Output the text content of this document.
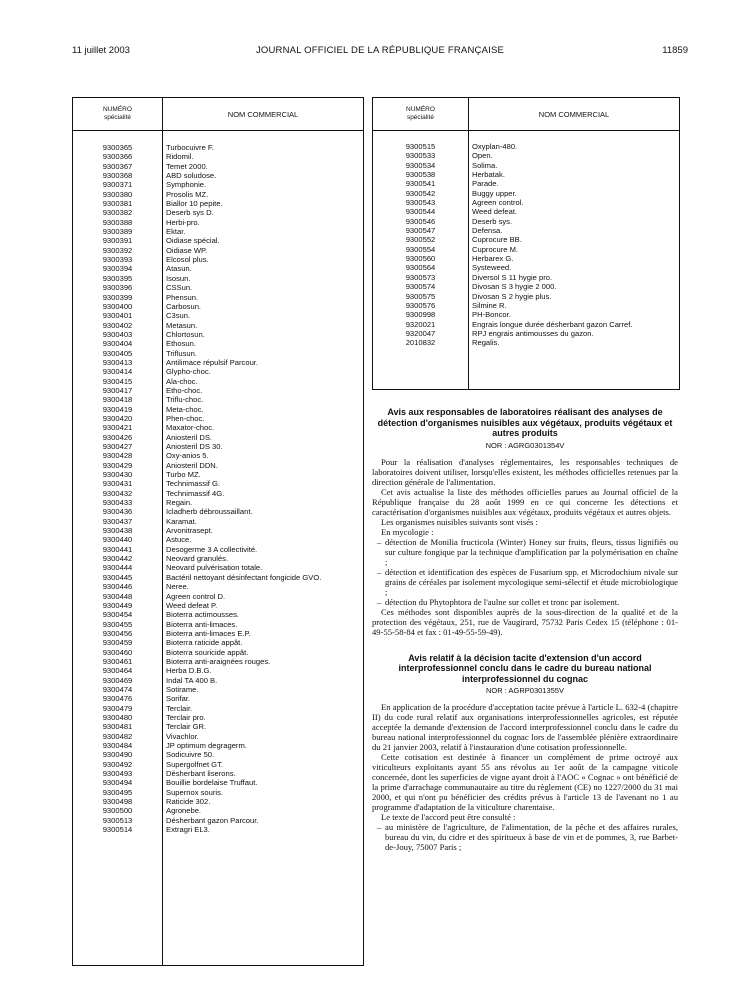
11 juillet 2003	JOURNAL OFFICIEL DE LA RÉPUBLIQUE FRANÇAISE	11859
NUMÉRO
spécialité	NOM COMMERCIAL
9300365	Turbocuivre F.
9300366	Ridomil.
9300367	Temet 2000.
9300368	ABD soludose.
9300371	Symphonie.
9300380	Prosolis MZ.
9300381	Biallor 10 pepite.
9300382	Deserb sys D.
9300388	Herbi-pro.
9300389	Ektar.
9300391	Oidiase spécial.
9300392	Oidiase WP.
9300393	Elcosol plus.
9300394	Atasun.
9300395	Isosun.
9300396	CSSun.
9300399	Phensun.
9300400	Carbosun.
9300401	C3sun.
9300402	Metasun.
9300403	Chlortosun.
9300404	Ethosun.
9300405	Triflusun.
9300413	Antilimace répulsif Parcour.
9300414	Glypho-choc.
9300415	Ala-choc.
9300417	Etho-choc.
9300418	Triflu-choc.
9300419	Meta-choc.
9300420	Phen-choc.
9300421	Maxator-choc.
9300426	Aniosteril DS.
9300427	Aniosteril DS 30.
9300428	Oxy-anios 5.
9300429	Aniosteril DDN.
9300430	Turbo MZ.
9300431	Technimassif G.
9300432	Technimassif 4G.
9300433	Regain.
9300436	Icladherb débroussaillant.
9300437	Karamat.
9300438	Arvonitrasept.
9300440	Astuce.
9300441	Desogerme 3 A collectivité.
9300442	Neovard granulés.
9300444	Neovard pulvérisation totale.
9300445	Bactéril nettoyant désinfectant fongicide GVO.
9300446	Neree.
9300448	Agreen control D.
9300449	Weed defeat P.
9300454	Bioterra actimousses.
9300455	Bioterra anti-limaces.
9300456	Bioterra anti-limaces E.P.
9300459	Bioterra raticide appât.
9300460	Bioterra souricide appât.
9300461	Bioterra anti-araignées rouges.
9300464	Herba D.B.G.
9300469	Indal TA 400 B.
9300474	Sotirame.
9300476	Sorifar.
9300479	Terclair.
9300480	Terclair pro.
9300481	Terclair GR.
9300482	Vivachlor.
9300484	JP optimum degragerm.
9300490	Sodicuivre 50.
9300492	Supergolfnet GT.
9300493	Désherbant liserons.
9300494	Bouillie bordelaise Truffaut.
9300495	Supernox souris.
9300498	Raticide 302.
9300500	Agronebe.
9300513	Désherbant gazon Parcour.
9300514	Extragri EL3.
NUMÉRO
spécialité	NOM COMMERCIAL
9300515	Oxyplan-480.
9300533	Open.
9300534	Solima.
9300538	Herbatak.
9300541	Parade.
9300542	Buggy upper.
9300543	Agreen control.
9300544	Weed defeat.
9300546	Deserb sys.
9300547	Defensa.
9300552	Cuprocure BB.
9300554	Cuprocure M.
9300560	Herbarex G.
9300564	Systeweed.
9300573	Diversol S 11 hygie pro.
9300574	Divosan S 3 hygie 2 000.
9300575	Divosan S 2 hygie plus.
9300576	Silmine R.
9300998	PH-Boncor.
9320021	Engrais longue durée désherbant gazon Carref.
9320047	RPJ engrais antimousses du gazon.
2010832	Regalis.
Avis aux responsables de laboratoires réalisant des analyses de détection d'organismes nuisibles aux végétaux, produits végétaux et autres produits

NOR : AGRG0301354V

Pour la réalisation d'analyses réglementaires, les responsables techniques de laboratoires doivent utiliser, lorsqu'elles existent, les méthodes officielles retenues par la direction générale de l'alimentation.

Cet avis actualise la liste des méthodes officielles parues au Journal officiel de la République française du 28 août 1999 en ce qui concerne les détections et caractérisation d'organismes nuisibles aux végétaux, produits végétaux et autres objets.

Les organismes nuisibles suivants sont visés :

En mycologie :

– détection de Monilia fructicola (Winter) Honey sur fruits, fleurs, tissus lignifiés ou sur culture fongique par la technique d'amplification par la polymérisation en chaîne ;
– détection et identification des espèces de Fusarium spp. et Microdochium nivale sur grains de céréales par isolement mycologique semi-sélectif et étude microbiologique ;
– détection du Phytophtora de l'aulne sur collet et tronc par isolement.

Ces méthodes sont disponibles auprès de la sous-direction de la qualité et de la protection des végétaux, 251, rue de Vaugirard, 75732 Paris Cedex 15 (téléphone : 01-49-55-58-84 et fax : 01-49-55-59-49).

Avis relatif à la décision tacite d'extension d'un accord interprofessionnel conclu dans le cadre du bureau national interprofessionnel du cognac

NOR : AGRP0301355V

En application de la procédure d'acceptation tacite prévue à l'article L. 632-4 (chapitre II) du code rural relatif aux organisations interprofessionnelles agricoles, est réputée acceptée la demande d'extension de l'accord interprofessionnel conclu dans le cadre du bureau national interprofessionnel du cognac lors de l'assemblée plénière extraordinaire du 21 janvier 2003, relatif à l'instauration d'une cotisation professionnelle.

Cette cotisation est destinée à financer un complément de prime octroyé aux viticulteurs exploitants ayant 55 ans révolus au 1er août de la campagne viticole concernée, dont les superficies de vigne ayant droit à l'AOC « Cognac » ont bénéficié de la prime d'arrachage communautaire au titre du règlement (CE) no 1227/2000 du 31 mai 2000, et qui n'ont pu bénéficier des crédits prévus à l'article 13 de l'avenant no 1 au programme d'adaptation de la viticulture charentaise.

Le texte de l'accord peut être consulté :

– au ministère de l'agriculture, de l'alimentation, de la pêche et des affaires rurales, bureau du vin, du cidre et des spiritueux à base de vin et de pommes, 3, rue Barbet-de-Jouy, 75007 Paris ;
